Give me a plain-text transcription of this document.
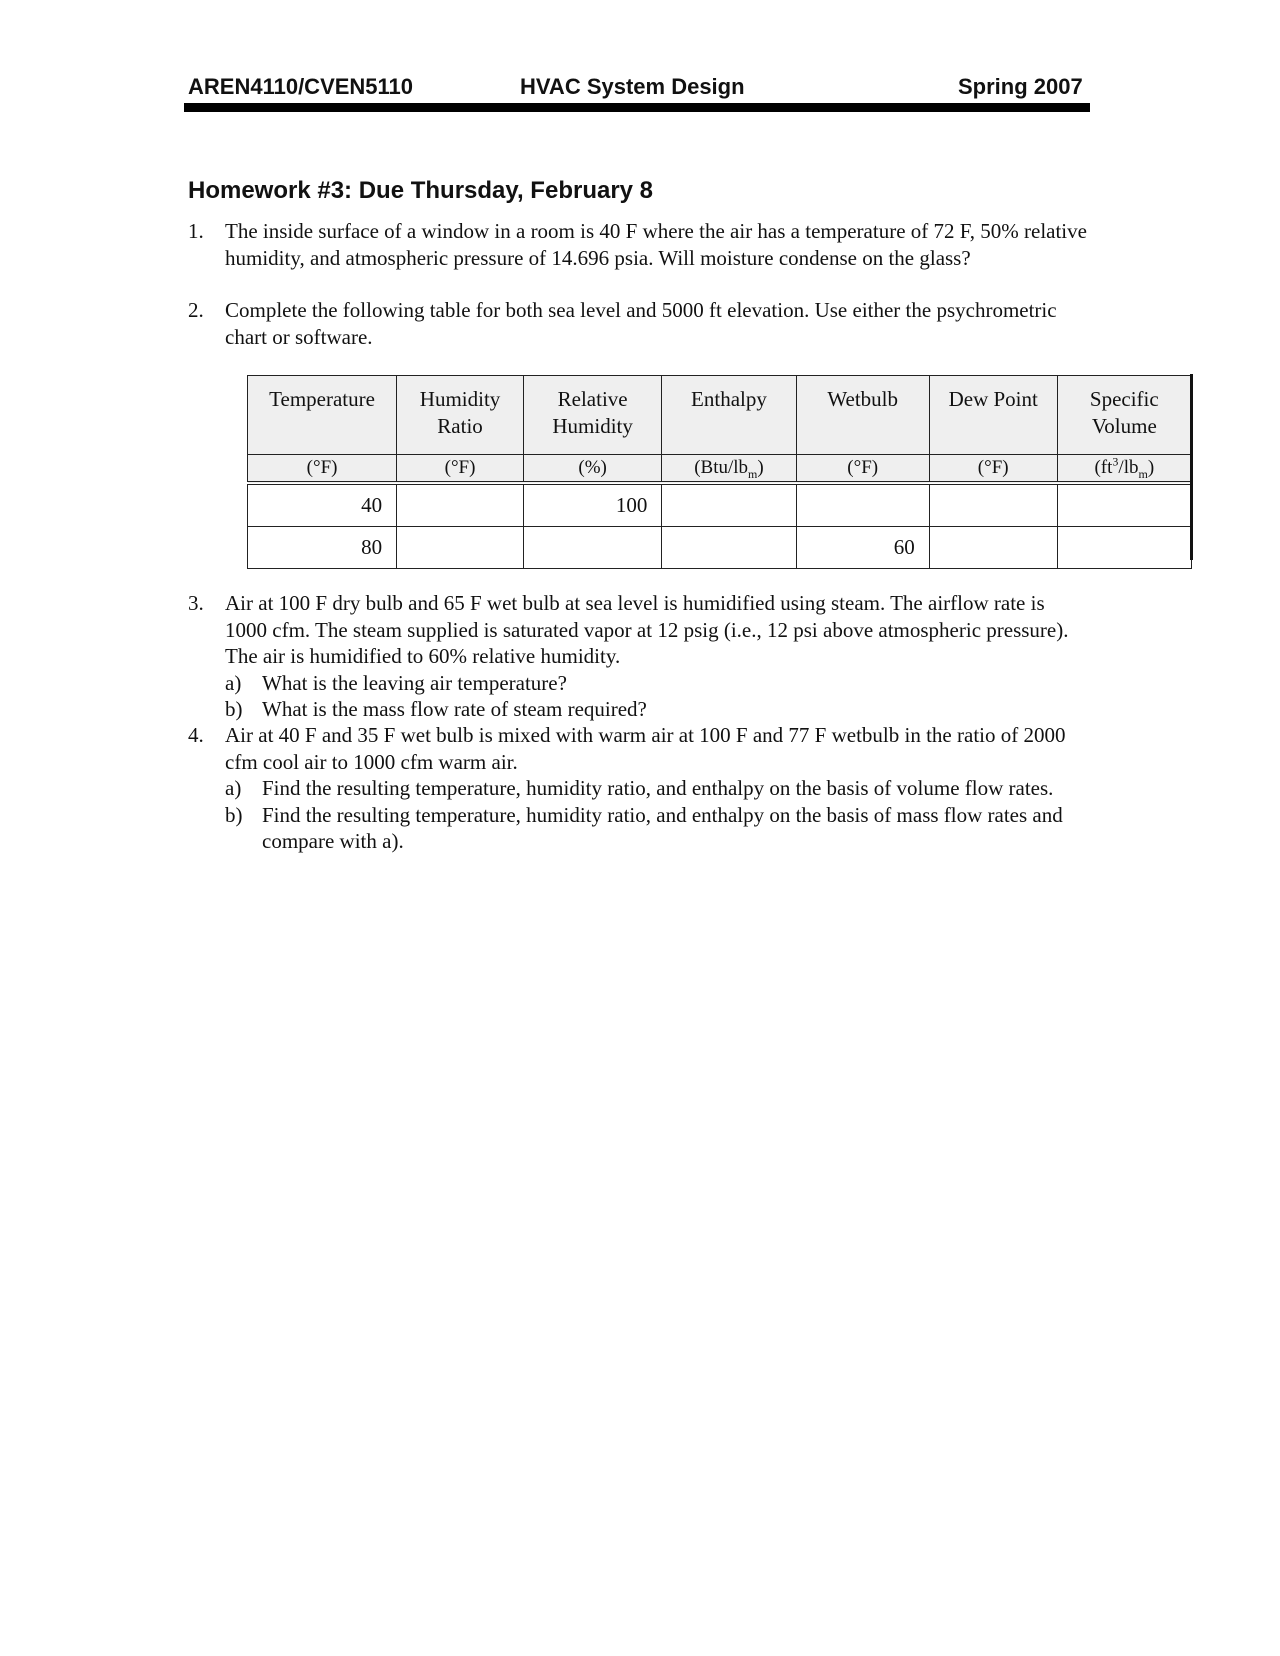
AREN4110/CVEN5110	HVAC System Design	Spring 2007
Homework #3: Due Thursday, February 8
1. The inside surface of a window in a room is 40 F where the air has a temperature of 72 F, 50% relative humidity, and atmospheric pressure of 14.696 psia. Will moisture condense on the glass?
2. Complete the following table for both sea level and 5000 ft elevation. Use either the psychrometric chart or software.
Temperature	Humidity Ratio	Relative Humidity	Enthalpy	Wetbulb	Dew Point	Specific Volume
(°F)	(°F)	(%)	$(Btu/lb_m)$	(°F)	(°F)	$(ft^3/lb_m)$
40		100				
80				60		
3. Air at 100 F dry bulb and 65 F wet bulb at sea level is humidified using steam. The airflow rate is 1000 cfm. The steam supplied is saturated vapor at 12 psig (i.e., 12 psi above atmospheric pressure). The air is humidified to 60% relative humidity.
a) What is the leaving air temperature?
b) What is the mass flow rate of steam required?
4. Air at 40 F and 35 F wet bulb is mixed with warm air at 100 F and 77 F wetbulb in the ratio of 2000 cfm cool air to 1000 cfm warm air.
a) Find the resulting temperature, humidity ratio, and enthalpy on the basis of volume flow rates.
b) Find the resulting temperature, humidity ratio, and enthalpy on the basis of mass flow rates and compare with a).
